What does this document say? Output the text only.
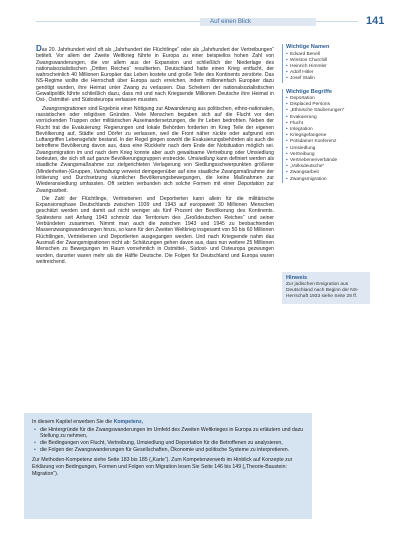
Auf einen Blick	141

Das 20. Jahrhundert wird oft als „Jahrhundert der Flüchtlinge“ oder als „Jahrhundert der Vertreibungen“ betitelt. Vor allem der Zweite Weltkrieg führte in Europa zu einer beispiellos hohen Zahl von Zwangswanderungen, die vor allem aus der Expansion und schließlich der Niederlage des nationalsozialistischen „Dritten Reiches“ resultierten. Deutschland hatte einen Krieg entfacht, der wahrscheinlich 40 Millionen Europäer das Leben kostete und große Teile des Kontinents zerstörte. Das NS-Regime wollte die Herrschaft über Europa auch erreichen, indem millionenfach Europäer dazu genötigt wurden, ihre Heimat unter Zwang zu verlassen. Das Scheitern der nationalsozialistischen Gewaltpolitik führte schließlich dazu, dass mit und nach Kriegsende Millionen Deutsche ihre Heimat in Ost-, Ostmittel- und Südosteuropa verlassen mussten.

Zwangsmigrationen sind Ergebnis einer Nötigung zur Abwanderung aus politischen, ethno-nationalen, rassistischen oder religiösen Gründen. Viele Menschen begaben sich auf die Flucht vor den vorrückenden Truppen oder militärischen Auseinandersetzungen, die ihr Leben bedrohten. Neben der Flucht trat die Evakuierung: Regierungen und lokale Behörden forderten im Krieg Teile der eigenen Bevölkerung auf, Städte und Dörfer zu verlassen, weil die Front näher rückte oder aufgrund von Luftangriffen Lebensgefahr bestand. In der Regel gingen sowohl die Evakuierungsbehörden als auch die betroffene Bevölkerung davon aus, dass eine Rückkehr nach dem Ende der Notsituation möglich sei. Zwangsmigration im und nach dem Krieg konnte aber auch gewaltsame Vertreibung oder Umsiedlung bedeuten, die sich oft auf ganze Bevölkerungsgruppen erstreckte. Umsiedlung kann definiert werden als staatliche Zwangsmaßnahme zur zielgerichteten Verlagerung von Siedlungsschwerpunkten größerer (Minderheiten-)Gruppen, Vertreibung verweist demgegenüber auf eine staatliche Zwangsmaßnahme der Initiierung und Durchsetzung räumlicher Bevölkerungsbewegungen, die keine Maßnahmen zur Wiederansiedlung umfassten. Oft setzten verbunden sich solche Formen mit einer Deportation zur Zwangsarbeit.

Die Zahl der Flüchtlinge, Vertriebenen und Deportierten kann allein für die militärische Expansionsphase Deutschlands zwischen 1939 und 1943 auf europaweit 30 Millionen Menschen geschätzt werden und damit auf nicht weniger als fünf Prozent der Bevölkerung des Kontinents. Spätestens seit Anfang 1943 schmolz das Territorium des „Großdeutschen Reiches“ und seiner Verbündeten zusammen. Nimmt man auch die zwischen 1943 und 1945 zu beobachtenden Massenzwangswanderungen hinzu, so kann für den Zweiten Weltkrieg insgesamt von 50 bis 60 Millionen Flüchtlingen, Vertriebenen und Deportierten ausgegangen werden. Und nach Kriegsende nahm das Ausmaß der Zwangsmigrationen nicht ab: Schätzungen gehen davon aus, dass nun weitere 25 Millionen Menschen zu Bewegungen im Raum vornehmlich in Ostmittel-, Südost- und Osteuropa gezwungen wurden, darunter waren mehr als die Hälfte Deutsche. Die Folgen für Deutschland und Europa waren weitreichend.

Wichtige Namen
• Edvard Beneš
• Winston Churchill
• Heinrich Himmler
• Adolf Hitler
• Josef Stalin
Wichtige Begriffe
• Deportation
• Displaced Persons
• „Ethnische Säuberungen“
• Evakuierung
• Flucht
• Integration
• Kriegsgefangene
• Potsdamer Konferenz
• Umsiedlung
• Vertreibung
• Vertriebenenverbände
• „Volksdeutsche“
• Zwangsarbeit
• Zwangsmigration
Hinweis
Zur jüdischen Emigration aus Deutschland nach Beginn der NS-Herrschaft 1933 siehe Seite 28 ff.

In diesem Kapitel erwerben Sie die Kompetenz,

• die Hintergründe für die Zwangswanderungen im Umfeld des Zweiten Weltkrieges in Europa zu erläutern und dazu Stellung zu nehmen,
• die Bedingungen von Flucht, Vertreibung, Umsiedlung und Deportation für die Betroffenen zu analysieren,
• die Folgen der Zwangswanderungen für Gesellschaften, Ökonomie und politische Systeme zu interpretieren.

Zur Methoden-Kompetenz siehe Seite 183 bis 185 („Karte“). Zum Kompetenzerwerb im Hinblick auf Konzepte zur Erklärung von Bedingungen, Formen und Folgen von Migration lesen Sie Seite 146 bis 149 („Theorie-Baustein: Migration“).
